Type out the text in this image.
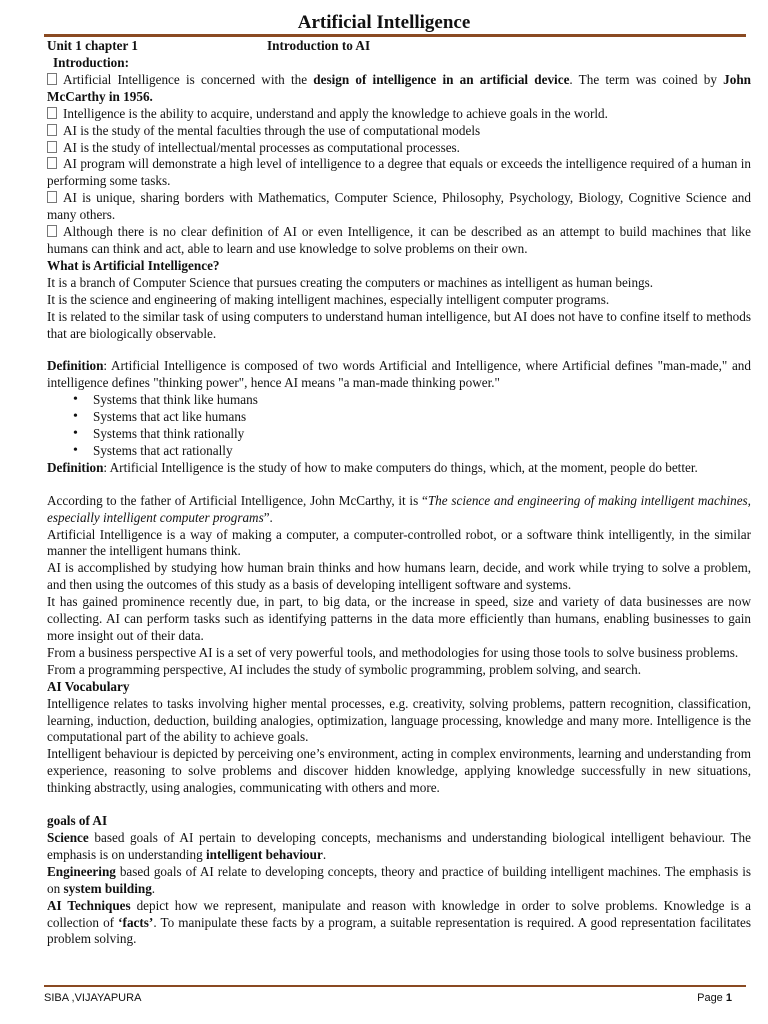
Artificial Intelligence
Unit 1 chapter 1	Introduction to AI

Introduction:

Artificial Intelligence is concerned with the design of intelligence in an artificial device. The term was coined by John McCarthy in 1956.

Intelligence is the ability to acquire, understand and apply the knowledge to achieve goals in the world.

AI is the study of the mental faculties through the use of computational models

AI is the study of intellectual/mental processes as computational processes.

AI program will demonstrate a high level of intelligence to a degree that equals or exceeds the intelligence required of a human in performing some tasks.

AI is unique, sharing borders with Mathematics, Computer Science, Philosophy, Psychology, Biology, Cognitive Science and many others.

Although there is no clear definition of AI or even Intelligence, it can be described as an attempt to build machines that like humans can think and act, able to learn and use knowledge to solve problems on their own.

What is Artificial Intelligence?

It is a branch of Computer Science that pursues creating the computers or machines as intelligent as human beings.

It is the science and engineering of making intelligent machines, especially intelligent computer programs.

It is related to the similar task of using computers to understand human intelligence, but AI does not have to confine itself to methods that are biologically observable.

Definition: Artificial Intelligence is composed of two words Artificial and Intelligence, where Artificial defines "man-made," and intelligence defines "thinking power", hence AI means "a man-made thinking power."

• Systems that think like humans
• Systems that act like humans
• Systems that think rationally
• Systems that act rationally

Definition: Artificial Intelligence is the study of how to make computers do things, which, at the moment, people do better.

According to the father of Artificial Intelligence, John McCarthy, it is “The science and engineering of making intelligent machines, especially intelligent computer programs”.

Artificial Intelligence is a way of making a computer, a computer-controlled robot, or a software think intelligently, in the similar manner the intelligent humans think.

AI is accomplished by studying how human brain thinks and how humans learn, decide, and work while trying to solve a problem, and then using the outcomes of this study as a basis of developing intelligent software and systems.

It has gained prominence recently due, in part, to big data, or the increase in speed, size and variety of data businesses are now collecting. AI can perform tasks such as identifying patterns in the data more efficiently than humans, enabling businesses to gain more insight out of their data.

From a business perspective AI is a set of very powerful tools, and methodologies for using those tools to solve business problems.

From a programming perspective, AI includes the study of symbolic programming, problem solving, and search.

AI Vocabulary

Intelligence relates to tasks involving higher mental processes, e.g. creativity, solving problems, pattern recognition, classification, learning, induction, deduction, building analogies, optimization, language processing, knowledge and many more. Intelligence is the computational part of the ability to achieve goals.

Intelligent behaviour is depicted by perceiving one’s environment, acting in complex environments, learning and understanding from experience, reasoning to solve problems and discover hidden knowledge, applying knowledge successfully in new situations, thinking abstractly, using analogies, communicating with others and more.

goals of AI

Science based goals of AI pertain to developing concepts, mechanisms and understanding biological intelligent behaviour. The emphasis is on understanding intelligent behaviour.

Engineering based goals of AI relate to developing concepts, theory and practice of building intelligent machines. The emphasis is on system building.

AI Techniques depict how we represent, manipulate and reason with knowledge in order to solve problems. Knowledge is a collection of ‘facts’. To manipulate these facts by a program, a suitable representation is required. A good representation facilitates problem solving.

SIBA ,VIJAYAPURA	Page 1
